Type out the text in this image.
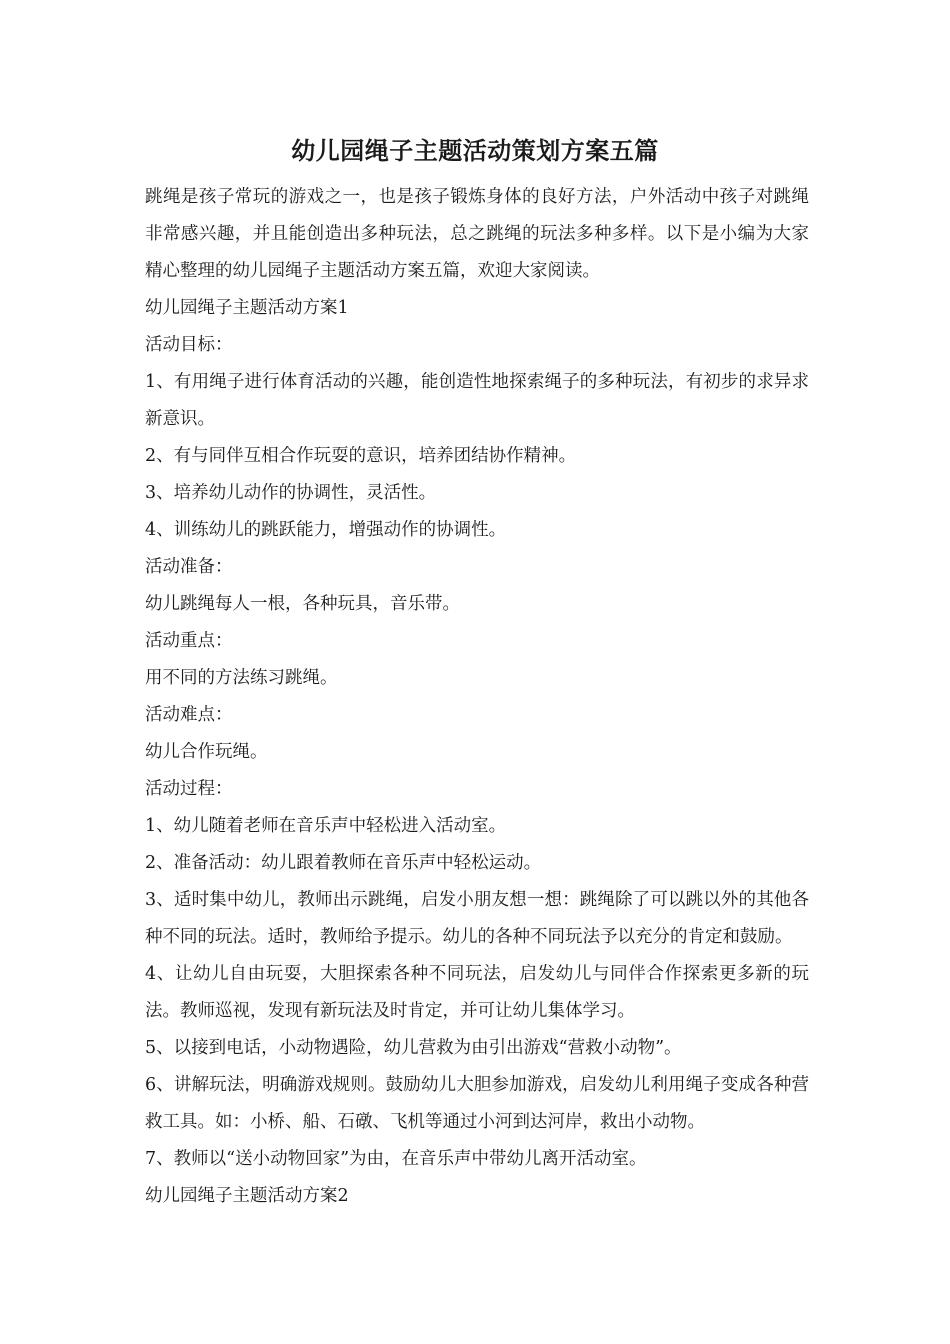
幼儿园绳子主题活动策划方案五篇

跳绳是孩子常玩的游戏之一，也是孩子锻炼身体的良好方法，户外活动中孩子对跳绳非常感兴趣，并且能创造出多种玩法，总之跳绳的玩法多种多样。以下是小编为大家精心整理的幼儿园绳子主题活动方案五篇，欢迎大家阅读。

幼儿园绳子主题活动方案1

活动目标：

1、有用绳子进行体育活动的兴趣，能创造性地探索绳子的多种玩法，有初步的求异求新意识。

2、有与同伴互相合作玩耍的意识，培养团结协作精神。

3、培养幼儿动作的协调性，灵活性。

4、训练幼儿的跳跃能力，增强动作的协调性。

活动准备：

幼儿跳绳每人一根，各种玩具，音乐带。

活动重点：

用不同的方法练习跳绳。

活动难点：

幼儿合作玩绳。

活动过程：

1、幼儿随着老师在音乐声中轻松进入活动室。

2、准备活动：幼儿跟着教师在音乐声中轻松运动。

3、适时集中幼儿，教师出示跳绳，启发小朋友想一想：跳绳除了可以跳以外的其他各种不同的玩法。适时，教师给予提示。幼儿的各种不同玩法予以充分的肯定和鼓励。

4、让幼儿自由玩耍，大胆探索各种不同玩法，启发幼儿与同伴合作探索更多新的玩法。教师巡视，发现有新玩法及时肯定，并可让幼儿集体学习。

5、以接到电话，小动物遇险，幼儿营救为由引出游戏“营救小动物”。

6、讲解玩法，明确游戏规则。鼓励幼儿大胆参加游戏，启发幼儿利用绳子变成各种营救工具。如：小桥、船、石礅、飞机等通过小河到达河岸，救出小动物。

7、教师以“送小动物回家”为由，在音乐声中带幼儿离开活动室。

幼儿园绳子主题活动方案2
